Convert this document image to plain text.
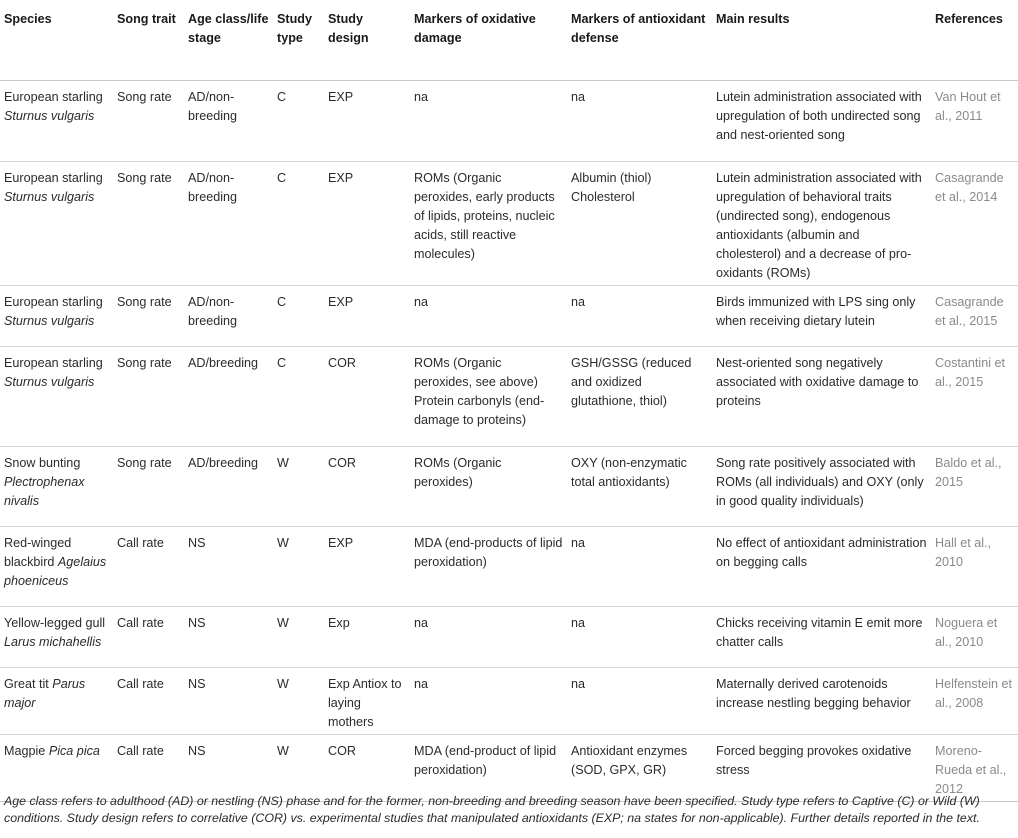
Species	Song trait	Age class/life stage	Study type	Study design	Markers of oxidative damage	Markers of antioxidant defense	Main results	References
European starling Sturnus vulgaris	Song rate	AD/non-breeding	C	EXP	na	na	Lutein administration associated with upregulation of both undirected song and nest-oriented song	Van Hout et al., 2011
European starling Sturnus vulgaris	Song rate	AD/non-breeding	C	EXP	ROMs (Organic peroxides, early products of lipids, proteins, nucleic acids, still reactive molecules)	Albumin (thiol) Cholesterol	Lutein administration associated with upregulation of behavioral traits (undirected song), endogenous antioxidants (albumin and cholesterol) and a decrease of pro-oxidants (ROMs)	Casagrande et al., 2014
European starling Sturnus vulgaris	Song rate	AD/non-breeding	C	EXP	na	na	Birds immunized with LPS sing only when receiving dietary lutein	Casagrande et al., 2015
European starling Sturnus vulgaris	Song rate	AD/breeding	C	COR	ROMs (Organic peroxides, see above) Protein carbonyls (end-damage to proteins)	GSH/GSSG (reduced and oxidized glutathione, thiol)	Nest-oriented song negatively associated with oxidative damage to proteins	Costantini et al., 2015
Snow bunting Plectrophenax nivalis	Song rate	AD/breeding	W	COR	ROMs (Organic peroxides)	OXY (non-enzymatic total antioxidants)	Song rate positively associated with ROMs (all individuals) and OXY (only in good quality individuals)	Baldo et al., 2015
Red-winged blackbird Agelaius phoeniceus	Call rate	NS	W	EXP	MDA (end-products of lipid peroxidation)	na	No effect of antioxidant administration on begging calls	Hall et al., 2010
Yellow-legged gull Larus michahellis	Call rate	NS	W	Exp	na	na	Chicks receiving vitamin E emit more chatter calls	Noguera et al., 2010
Great tit Parus major	Call rate	NS	W	Exp Antiox to laying mothers	na	na	Maternally derived carotenoids increase nestling begging behavior	Helfenstein et al., 2008
Magpie Pica pica	Call rate	NS	W	COR	MDA (end-product of lipid peroxidation)	Antioxidant enzymes (SOD, GPX, GR)	Forced begging provokes oxidative stress	Moreno-Rueda et al., 2012
Age class refers to adulthood (AD) or nestling (NS) phase and for the former, non-breeding and breeding season have been specified. Study type refers to Captive (C) or Wild (W) conditions. Study design refers to correlative (COR) vs. experimental studies that manipulated antioxidants (EXP; na states for non-applicable). Further details reported in the text.
